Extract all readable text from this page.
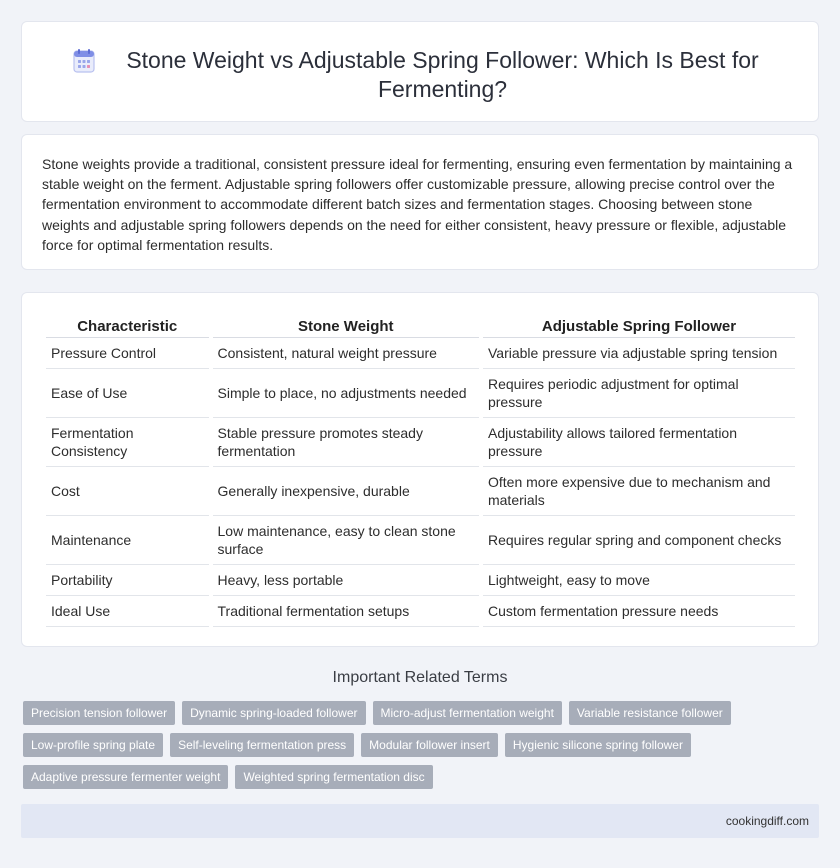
Stone Weight vs Adjustable Spring Follower: Which Is Best for Fermenting?

Stone weights provide a traditional, consistent pressure ideal for fermenting, ensuring even fermentation by maintaining a stable weight on the ferment. Adjustable spring followers offer customizable pressure, allowing precise control over the fermentation environment to accommodate different batch sizes and fermentation stages. Choosing between stone weights and adjustable spring followers depends on the need for either consistent, heavy pressure or flexible, adjustable force for optimal fermentation results.

Characteristic	Stone Weight	Adjustable Spring Follower
Pressure Control	Consistent, natural weight pressure	Variable pressure via adjustable spring tension
Ease of Use	Simple to place, no adjustments needed	Requires periodic adjustment for optimal pressure
Fermentation Consistency	Stable pressure promotes steady fermentation	Adjustability allows tailored fermentation pressure
Cost	Generally inexpensive, durable	Often more expensive due to mechanism and materials
Maintenance	Low maintenance, easy to clean stone surface	Requires regular spring and component checks
Portability	Heavy, less portable	Lightweight, easy to move
Ideal Use	Traditional fermentation setups	Custom fermentation pressure needs
Important Related Terms
Precision tension follower	Dynamic spring-loaded follower	Micro-adjust fermentation weight	Variable resistance follower
Low-profile spring plate	Self-leveling fermentation press	Modular follower insert	Hygienic silicone spring follower
Adaptive pressure fermenter weight	Weighted spring fermentation disc
cookingdiff.com
